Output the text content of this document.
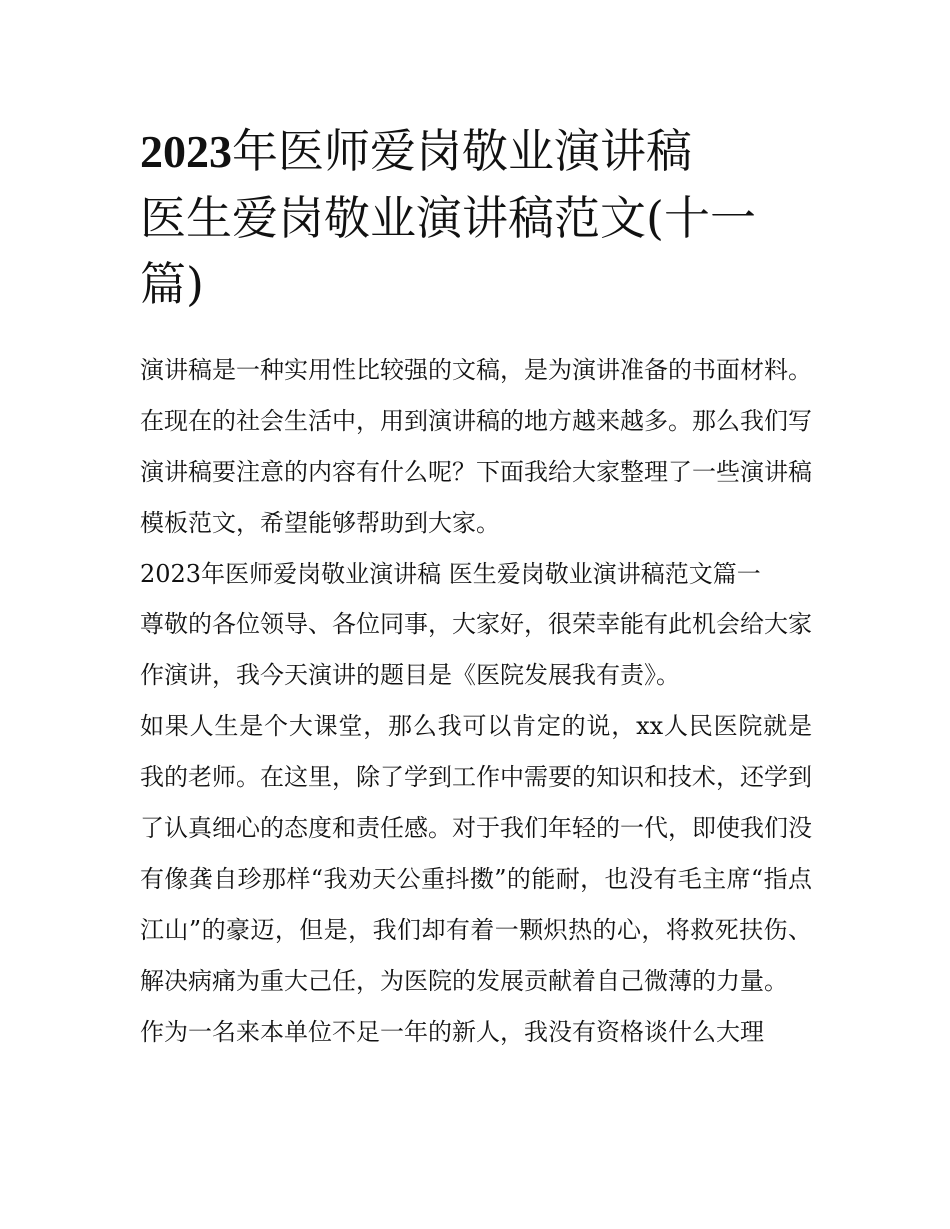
2023年医师爱岗敬业演讲稿
医生爱岗敬业演讲稿范文(十一
篇)

演讲稿是一种实用性比较强的文稿，是为演讲准备的书面材料。在现在的社会生活中，用到演讲稿的地方越来越多。那么我们写演讲稿要注意的内容有什么呢？下面我给大家整理了一些演讲稿模板范文，希望能够帮助到大家。

2023年医师爱岗敬业演讲稿 医生爱岗敬业演讲稿范文篇一

尊敬的各位领导、各位同事，大家好，很荣幸能有此机会给大家作演讲，我今天演讲的题目是《医院发展我有责》。

如果人生是个大课堂，那么我可以肯定的说，xx人民医院就是我的老师。在这里，除了学到工作中需要的知识和技术，还学到了认真细心的态度和责任感。对于我们年轻的一代，即使我们没有像龚自珍那样“我劝天公重抖擞”的能耐，也没有毛主席“指点江山”的豪迈，但是，我们却有着一颗炽热的心，将救死扶伤、解决病痛为重大己任，为医院的发展贡献着自己微薄的力量。

作为一名来本单位不足一年的新人，我没有资格谈什么大理
